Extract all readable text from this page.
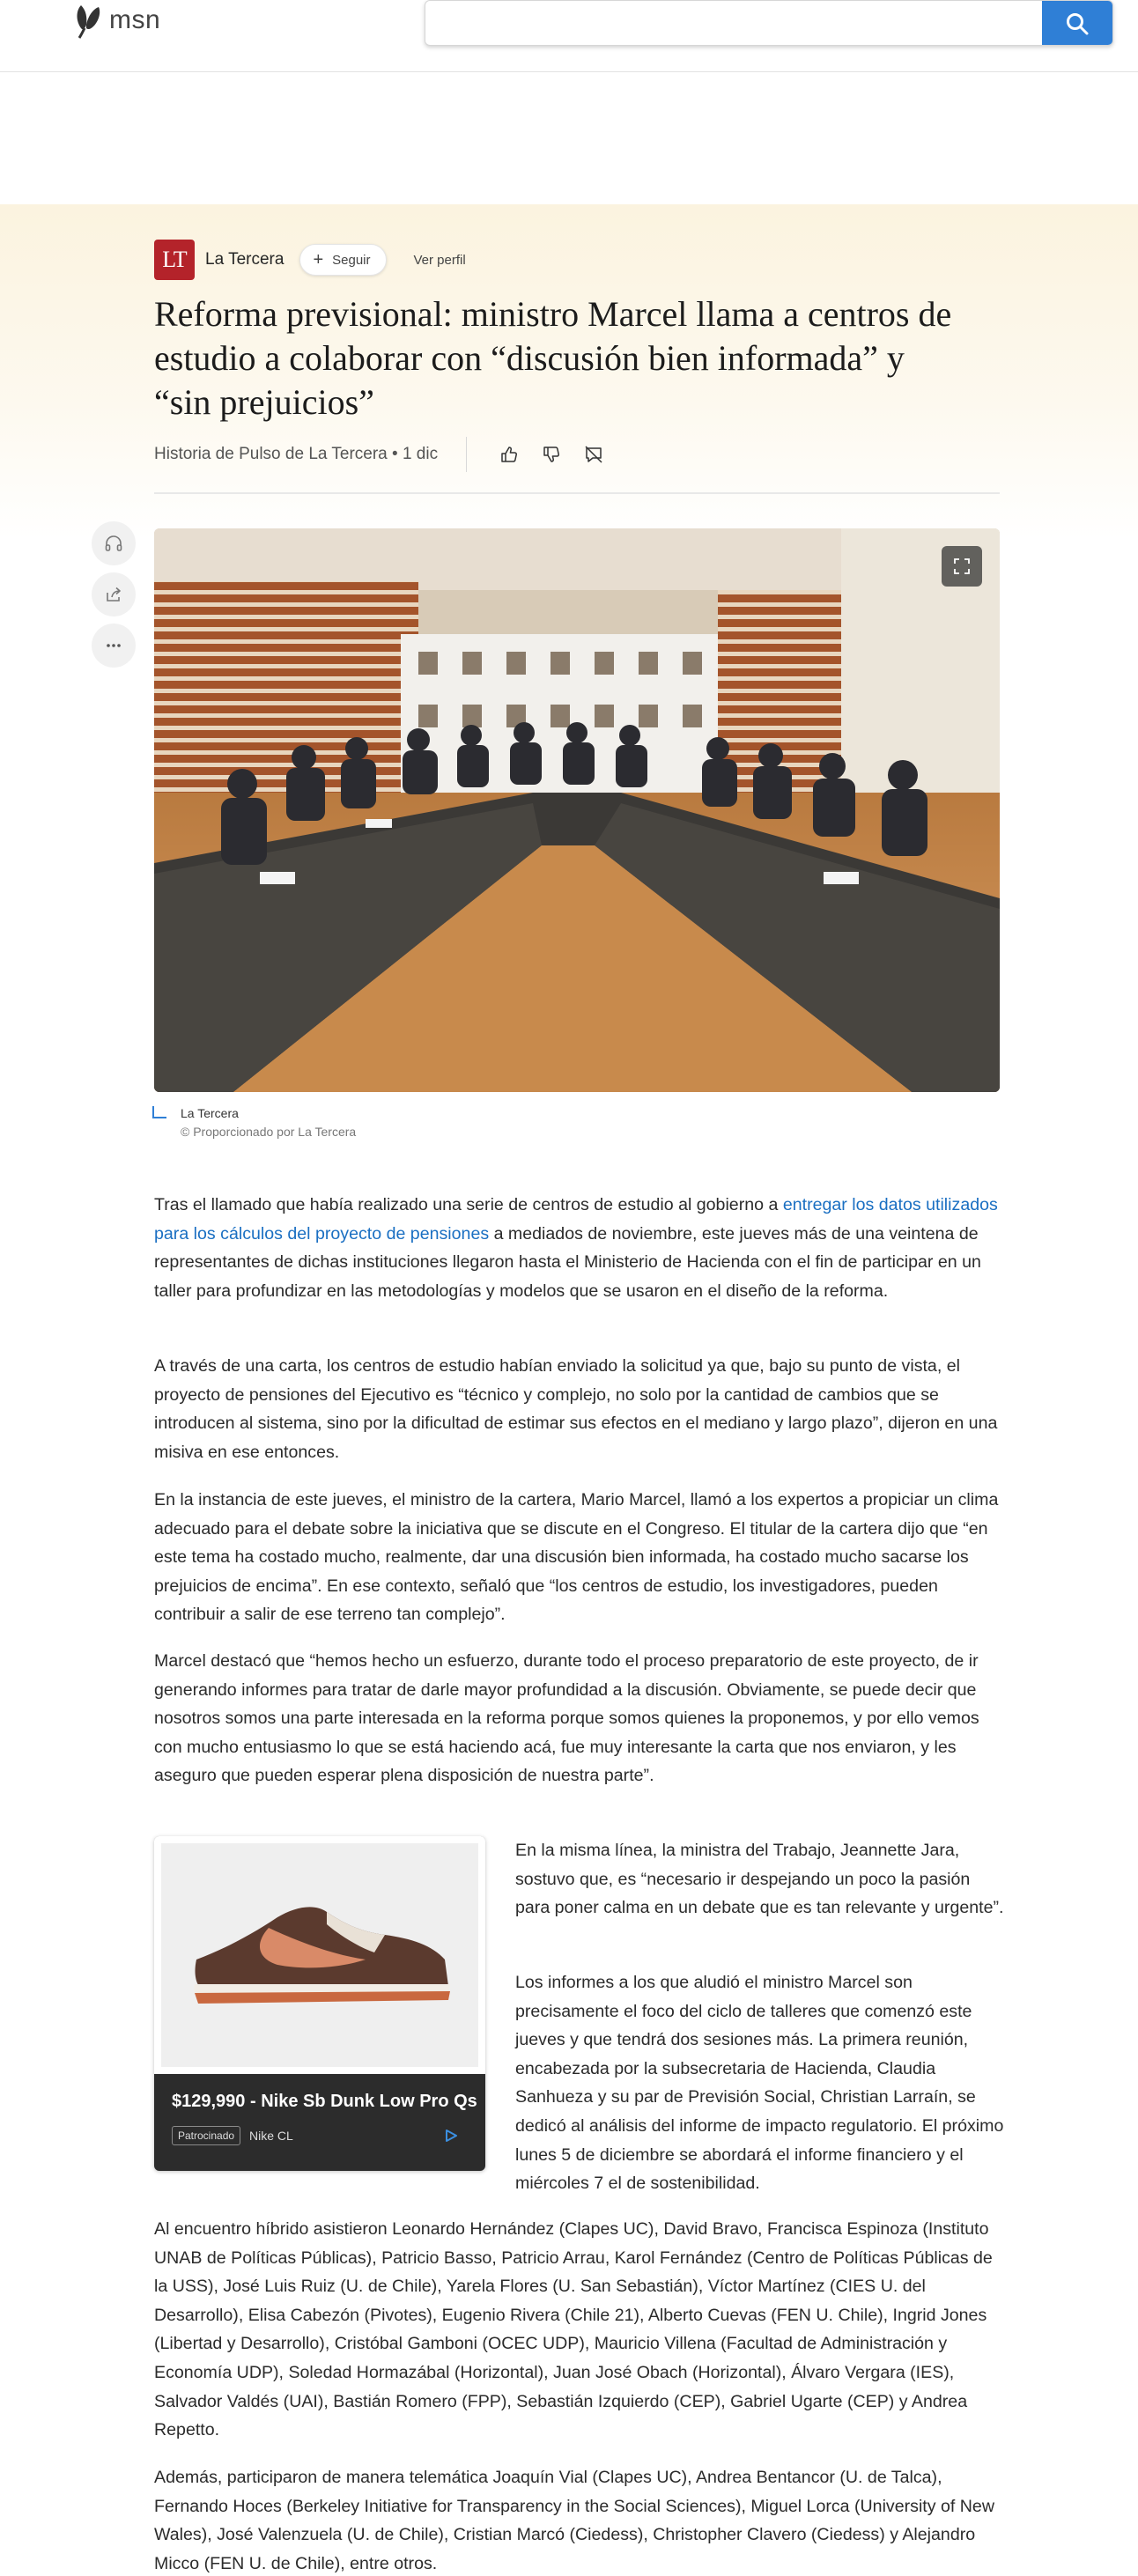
msn
LT	La Tercera + Seguir	Ver perfil
Reforma previsional: ministro Marcel llama a centros de estudio a colaborar con “discusión bien informada” y “sin prejuicios”
Historia de Pulso de La Tercera • 1 dic
La Tercera
© Proporcionado por La Tercera

Tras el llamado que había realizado una serie de centros de estudio al gobierno a entregar los datos utilizados para los cálculos del proyecto de pensiones a mediados de noviembre, este jueves más de una veintena de representantes de dichas instituciones llegaron hasta el Ministerio de Hacienda con el fin de participar en un taller para profundizar en las metodologías y modelos que se usaron en el diseño de la reforma.

A través de una carta, los centros de estudio habían enviado la solicitud ya que, bajo su punto de vista, el proyecto de pensiones del Ejecutivo es “técnico y complejo, no solo por la cantidad de cambios que se introducen al sistema, sino por la dificultad de estimar sus efectos en el mediano y largo plazo”, dijeron en una misiva en ese entonces.

En la instancia de este jueves, el ministro de la cartera, Mario Marcel, llamó a los expertos a propiciar un clima adecuado para el debate sobre la iniciativa que se discute en el Congreso. El titular de la cartera dijo que “en este tema ha costado mucho, realmente, dar una discusión bien informada, ha costado mucho sacarse los prejuicios de encima”. En ese contexto, señaló que “los centros de estudio, los investigadores, pueden contribuir a salir de ese terreno tan complejo”.

Marcel destacó que “hemos hecho un esfuerzo, durante todo el proceso preparatorio de este proyecto, de ir generando informes para tratar de darle mayor profundidad a la discusión. Obviamente, se puede decir que nosotros somos una parte interesada en la reforma porque somos quienes la proponemos, y por ello vemos con mucho entusiasmo lo que se está haciendo acá, fue muy interesante la carta que nos enviaron, y les aseguro que pueden esperar plena disposición de nuestra parte”.

$129,990 - Nike Sb Dunk Low Pro Qs
Patrocinado	Nike CL

En la misma línea, la ministra del Trabajo, Jeannette Jara, sostuvo que, es “necesario ir despejando un poco la pasión para poner calma en un debate que es tan relevante y urgente”.

Los informes a los que aludió el ministro Marcel son precisamente el foco del ciclo de talleres que comenzó este jueves y que tendrá dos sesiones más. La primera reunión, encabezada por la subsecretaria de Hacienda, Claudia Sanhueza y su par de Previsión Social, Christian Larraín, se dedicó al análisis del informe de impacto regulatorio. El próximo lunes 5 de diciembre se abordará el informe financiero y el miércoles 7 el de sostenibilidad.

Al encuentro híbrido asistieron Leonardo Hernández (Clapes UC), David Bravo, Francisca Espinoza (Instituto UNAB de Políticas Públicas), Patricio Basso, Patricio Arrau, Karol Fernández (Centro de Políticas Públicas de la USS), José Luis Ruiz (U. de Chile), Yarela Flores (U. San Sebastián), Víctor Martínez (CIES U. del Desarrollo), Elisa Cabezón (Pivotes), Eugenio Rivera (Chile 21), Alberto Cuevas (FEN U. Chile), Ingrid Jones (Libertad y Desarrollo), Cristóbal Gamboni (OCEC UDP), Mauricio Villena (Facultad de Administración y Economía UDP), Soledad Hormazábal (Horizontal), Juan José Obach (Horizontal), Álvaro Vergara (IES), Salvador Valdés (UAI), Bastián Romero (FPP), Sebastián Izquierdo (CEP), Gabriel Ugarte (CEP) y Andrea Repetto.

Además, participaron de manera telemática Joaquín Vial (Clapes UC), Andrea Bentancor (U. de Talca), Fernando Hoces (Berkeley Initiative for Transparency in the Social Sciences), Miguel Lorca (University of New Wales), José Valenzuela (U. de Chile), Cristian Marcó (Ciedess), Christopher Clavero (Ciedess) y Alejandro Micco (FEN U. de Chile), entre otros.
